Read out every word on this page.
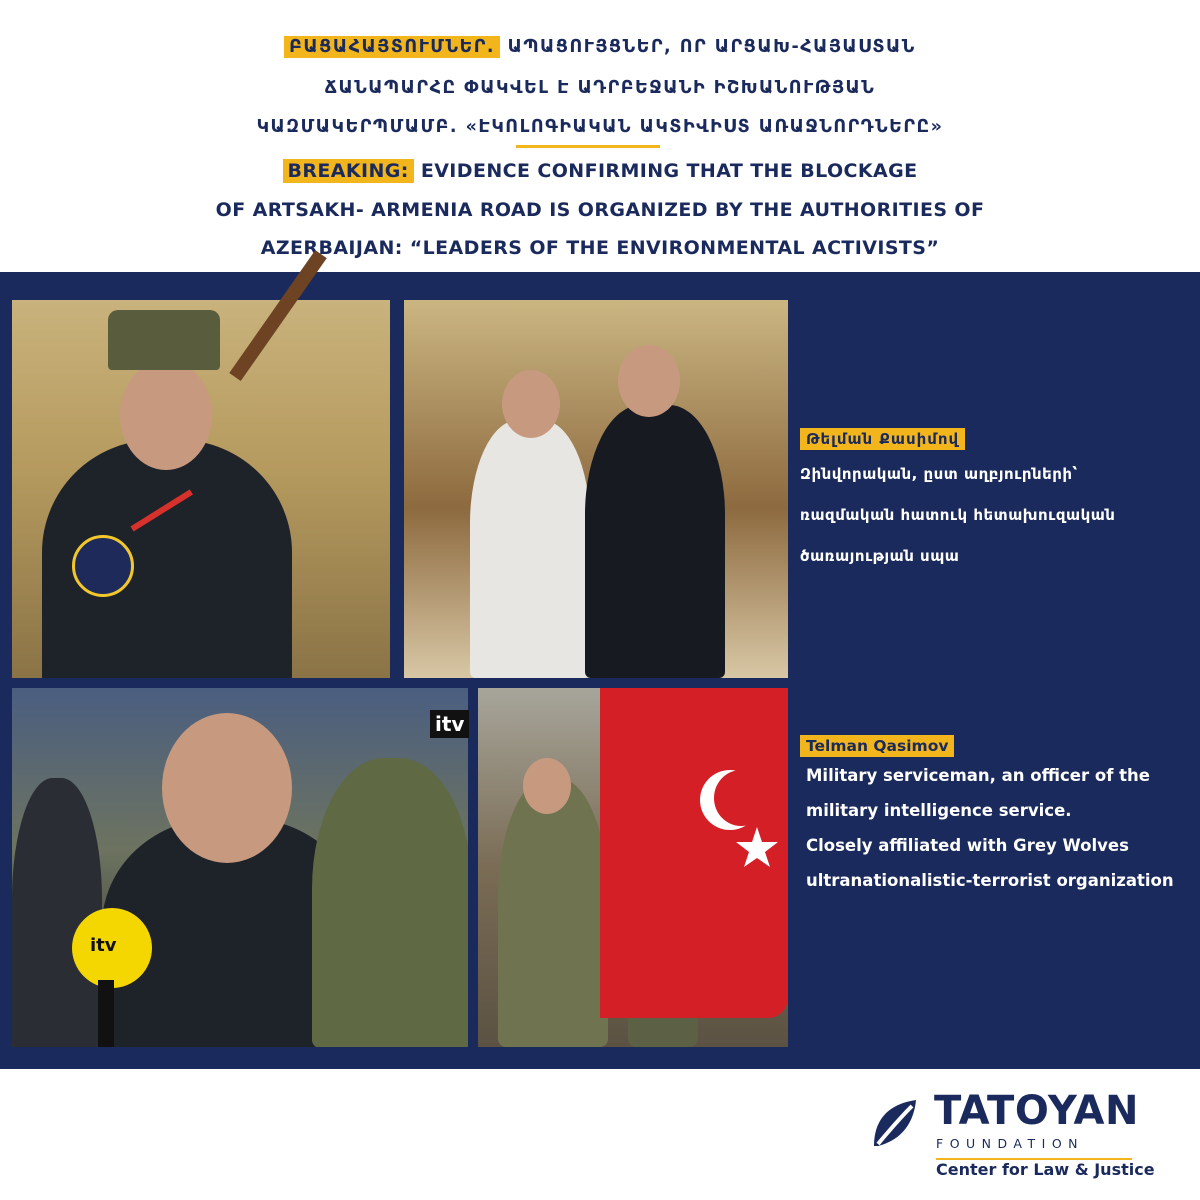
ԲԱՑԱՀԱՅՏՈՒՄՆԵՐ. ԱՊԱՑՈՒՅՑՆԵՐ, ՈՐ ԱՐՑԱԽ-ՀԱՅԱՍՏԱՆ
ՃԱՆԱՊԱՐՀԸ ՓԱԿՎԵԼ Է ԱԴՐԲԵՋԱՆԻ ԻՇԽԱՆՈՒԹՅԱՆ
ԿԱԶՄԱԿԵՐՊՄԱՄԲ. «ԷԿՈԼՈԳԻԱԿԱՆ ԱԿՏԻՎԻՍՏ ԱՌԱՋՆՈՐԴՆԵՐԸ»
BREAKING: EVIDENCE CONFIRMING THAT THE BLOCKAGE
OF ARTSAKH- ARMENIA ROAD IS ORGANIZED BY THE AUTHORITIES OF
AZERBAIJAN: “LEADERS OF THE ENVIRONMENTAL ACTIVISTS”
itv
itv
Թելման Քասիմով

Զինվորական, ըստ աղբյուրների՝

ռազմական հատուկ հետախուզական

ծառայության սպա

Telman Qasimov

Military serviceman, an officer of the

military intelligence service.

Closely affiliated with Grey Wolves

ultranationalistic-terrorist organization

TATOYAN
FOUNDATION
Center for Law & Justice
